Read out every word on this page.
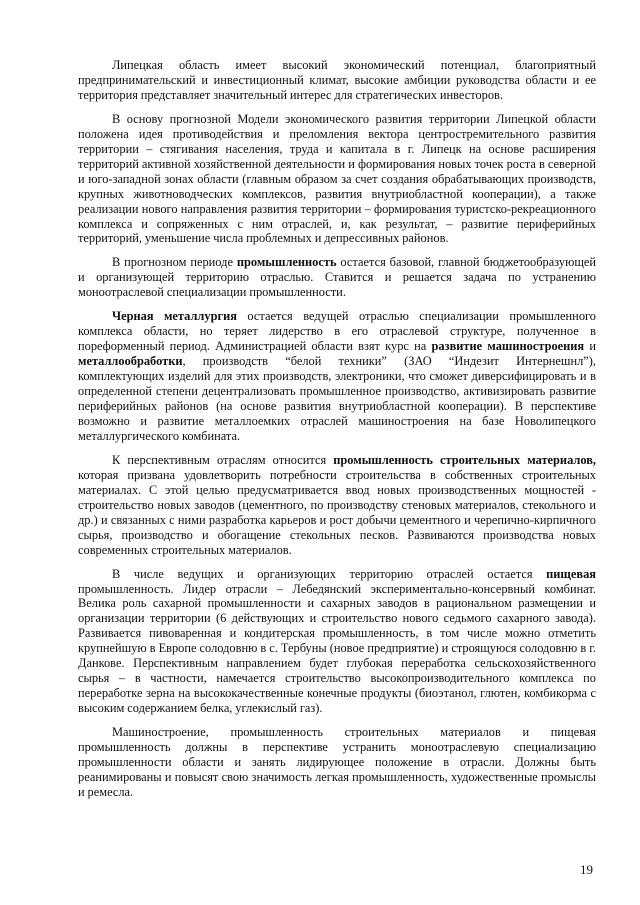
Липецкая область имеет высокий экономический потенциал, благоприятный предпринимательский и инвестиционный климат, высокие амбиции руководства области и ее территория представляет значительный интерес для стратегических инвесторов.

В основу прогнозной Модели экономического развития территории Липецкой области положена идея противодействия и преломления вектора центростремительного развития территории – стягивания населения, труда и капитала в г. Липецк на основе расширения территорий активной хозяйственной деятельности и формирования новых точек роста в северной и юго-западной зонах области (главным образом за счет создания обрабатывающих производств, крупных животноводческих комплексов, развития внутриобластной кооперации), а также реализации нового направления развития территории – формирования туристско-рекреационного комплекса и сопряженных с ним отраслей, и, как результат, – развитие периферийных территорий, уменьшение числа проблемных и депрессивных районов.

В прогнозном периоде промышленность остается базовой, главной бюджетообразующей и организующей территорию отраслью. Ставится и решается задача по устранению моноотраслевой специализации промышленности.

Черная металлургия остается ведущей отраслью специализации промышленного комплекса области, но теряет лидерство в его отраслевой структуре, полученное в пореформенный период. Администрацией области взят курс на развитие машиностроения и металлообработки, производств “белой техники” (ЗАО “Индезит Интернешнл”), комплектующих изделий для этих производств, электроники, что сможет диверсифицировать и в определенной степени децентрализовать промышленное производство, активизировать развитие периферийных районов (на основе развития внутриобластной кооперации). В перспективе возможно и развитие металлоемких отраслей машиностроения на базе Новолипецкого металлургического комбината.

К перспективным отраслям относится промышленность строительных материалов, которая призвана удовлетворить потребности строительства в собственных строительных материалах. С этой целью предусматривается ввод новых производственных мощностей - строительство новых заводов (цементного, по производству стеновых материалов, стекольного и др.) и связанных с ними разработка карьеров и рост добычи цементного и черепично-кирпичного сырья, производство и обогащение стекольных песков. Развиваются производства новых современных строительных материалов.

В числе ведущих и организующих территорию отраслей остается пищевая промышленность. Лидер отрасли – Лебедянский экспериментально-консервный комбинат. Велика роль сахарной промышленности и сахарных заводов в рациональном размещении и организации территории (6 действующих и строительство нового седьмого сахарного завода). Развивается пивоваренная и кондитерская промышленность, в том числе можно отметить крупнейшую в Европе солодовню в с. Тербуны (новое предприятие) и строящуюся солодовню в г. Данкове. Перспективным направлением будет глубокая переработка сельскохозяйственного сырья – в частности, намечается строительство высокопроизводительного комплекса по переработке зерна на высококачественные конечные продукты (биоэтанол, глютен, комбикорма с высоким содержанием белка, углекислый газ).

Машиностроение, промышленность строительных материалов и пищевая промышленность должны в перспективе устранить моноотраслевую специализацию промышленности области и занять лидирующее положение в отрасли. Должны быть реанимированы и повысят свою значимость легкая промышленность, художественные промыслы и ремесла.

19
